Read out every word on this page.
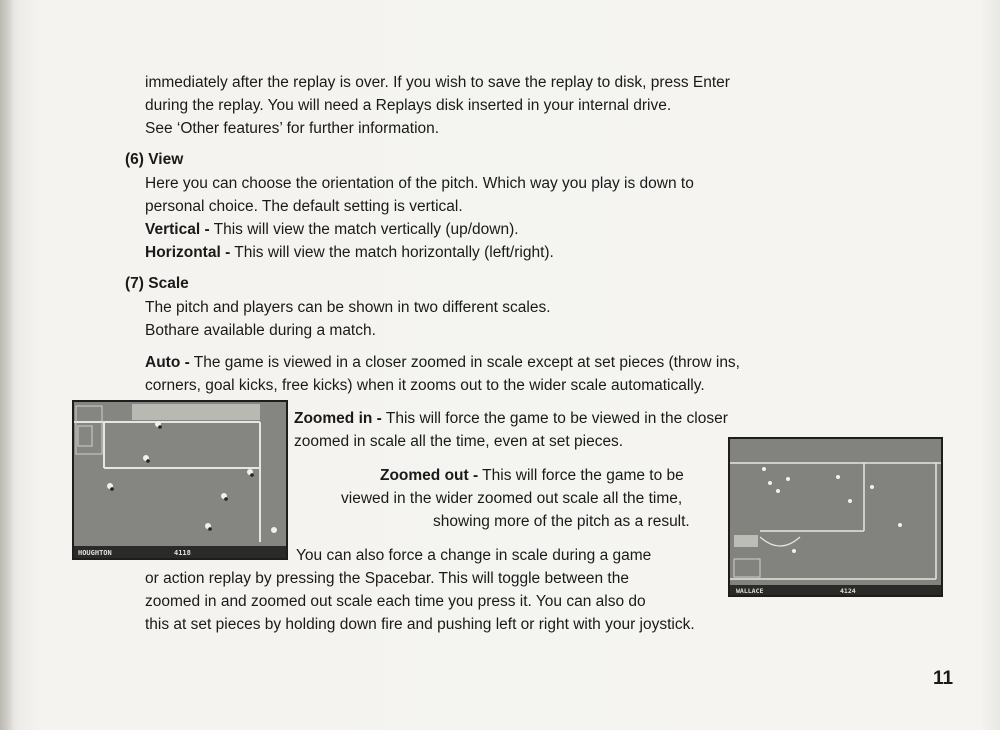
immediately after the replay is over. If you wish to save the replay to disk, press Enter
during the replay. You will need a Replays disk inserted in your internal drive.
See ‘Other features’ for further information.
(6) View
Here you can choose the orientation of the pitch. Which way you play is down to
personal choice. The default setting is vertical.
Vertical - This will view the match vertically (up/down).
Horizontal - This will view the match horizontally (left/right).
(7) Scale
The pitch and players can be shown in two different scales.
Bothare available during a match.
Auto - The game is viewed in a closer zoomed in scale except at set pieces (throw ins,
corners, goal kicks, free kicks) when it zooms out to the wider scale automatically.
Zoomed in - This will force the game to be viewed in the closer
zoomed in scale all the time, even at set pieces.
Zoomed out - This will force the game to be
viewed in the wider zoomed out scale all the time,
showing more of the pitch as a result.
You can also force a change in scale during a game
or action replay by pressing the Spacebar. This will toggle between the
zoomed in and zoomed out scale each time you press it. You can also do
this at set pieces by holding down fire and pushing left or right with your joystick.
HOUGHTON	4118
WALLACE	4124
11
